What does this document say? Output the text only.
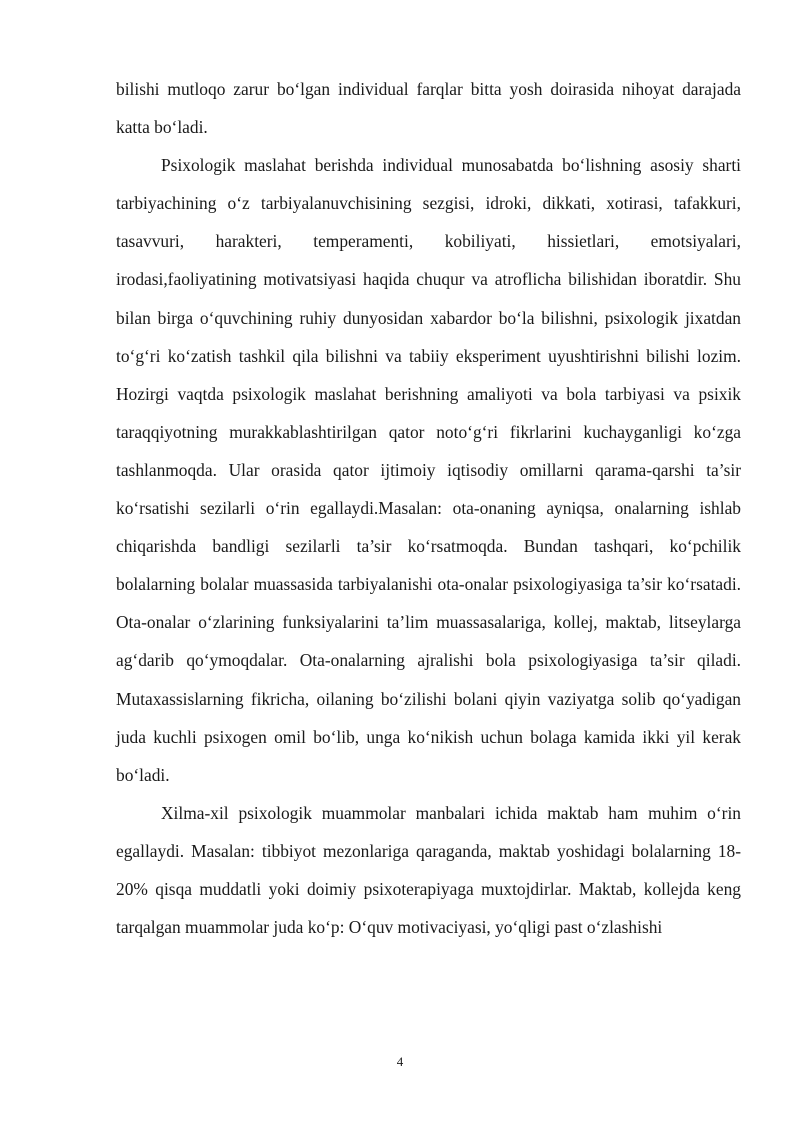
bilishi mutloqo zarur bo‘lgan individual farqlar bitta yosh doirasida nihoyat darajada katta bo‘ladi.

Psixologik maslahat berishda individual munosabatda bo‘lishning asosiy sharti tarbiyachining o‘z tarbiyalanuvchisining sezgisi, idroki, dikkati, xotirasi, tafakkuri, tasavvuri, harakteri, temperamenti, kobiliyati, hissietlari, emotsiyalari, irodasi,faoliyatining motivatsiyasi haqida chuqur va atroflicha bilishidan iboratdir. Shu bilan birga o‘quvchining ruhiy dunyosidan xabardor bo‘la bilishni, psixologik jixatdan to‘g‘ri ko‘zatish tashkil qila bilishni va tabiiy eksperiment uyushtirishni bilishi lozim. Hozirgi vaqtda psixologik maslahat berishning amaliyoti va bola tarbiyasi va psixik taraqqiyotning murakkablashtirilgan qator noto‘g‘ri fikrlarini kuchayganligi ko‘zga tashlanmoqda. Ular orasida qator ijtimoiy iqtisodiy omillarni qarama-qarshi ta’sir ko‘rsatishi sezilarli o‘rin egallaydi.Masalan: ota-onaning ayniqsa, onalarning ishlab chiqarishda bandligi sezilarli ta’sir ko‘rsatmoqda. Bundan tashqari, ko‘pchilik bolalarning bolalar muassasida tarbiyalanishi ota-onalar psixologiyasiga ta’sir ko‘rsatadi. Ota-onalar o‘zlarining funksiyalarini ta’lim muassasalariga, kollej, maktab, litseylarga ag‘darib qo‘ymoqdalar. Ota-onalarning ajralishi bola psixologiyasiga ta’sir qiladi. Mutaxassislarning fikricha, oilaning bo‘zilishi bolani qiyin vaziyatga solib qo‘yadigan juda kuchli psixogen omil bo‘lib, unga ko‘nikish uchun bolaga kamida ikki yil kerak bo‘ladi.

Xilma-xil psixologik muammolar manbalari ichida maktab ham muhim o‘rin egallaydi. Masalan: tibbiyot mezonlariga qaraganda, maktab yoshidagi bolalarning 18-20% qisqa muddatli yoki doimiy psixoterapiyaga muxtojdirlar. Maktab, kollejda keng tarqalgan muammolar juda ko‘p: O‘quv motivaciyasi, yo‘qligi past o‘zlashishi

4
